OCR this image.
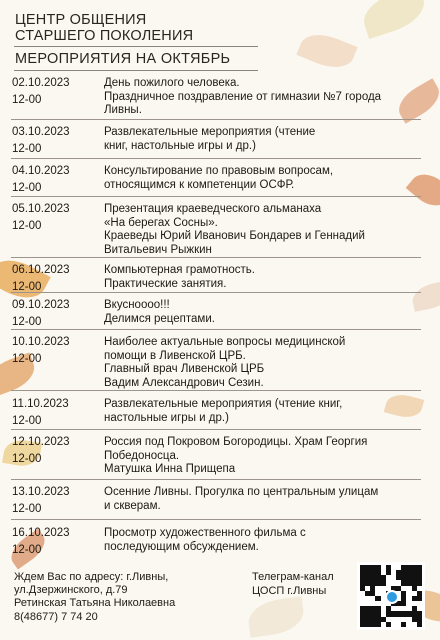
ЦЕНТР ОБЩЕНИЯ
СТАРШЕГО ПОКОЛЕНИЯ
МЕРОПРИЯТИЯ НА ОКТЯБРЬ
02.10.2023
12-00
День пожилого человека.
Праздничное поздравление от гимназии №7 города
Ливны.
03.10.2023
12-00
Развлекательные мероприятия (чтение
книг, настольные игры и др.)
04.10.2023
12-00
Консультирование по правовым вопросам,
относящимся к компетенции ОСФР.
05.10.2023
12-00
Презентация краеведческого альманаха
«На берегах Сосны».
Краеведы Юрий Иванович Бондарев и Геннадий
Витальевич Рыжкин
06.10.2023
12-00
Компьютерная грамотность.
Практические занятия.
09.10.2023
12-00
Вкуснoooo!!!
Делимся рецептами.
10.10.2023
12-00
Наиболее актуальные вопросы медицинской
помощи в Ливенской ЦРБ.
Главный врач Ливенской ЦРБ
Вадим Александрович Сезин.
11.10.2023
12-00
Развлекательные мероприятия (чтение книг,
настольные игры и др.)
12.10.2023
12-00
Россия под Покровом Богородицы. Храм Георгия
Победоносца.
Матушка Инна Прищепа
13.10.2023
12-00
Осенние Ливны. Прогулка по центральным улицам
и скверам.
16.10.2023
12-00
Просмотр художественного фильма с
последующим обсуждением.
Ждем Вас по адресу: г.Ливны,
ул.Дзержинского, д.79
Ретинская Татьяна Николаевна
8(48677) 7 74 20
Телеграм-канал
ЦОСП г.Ливны
